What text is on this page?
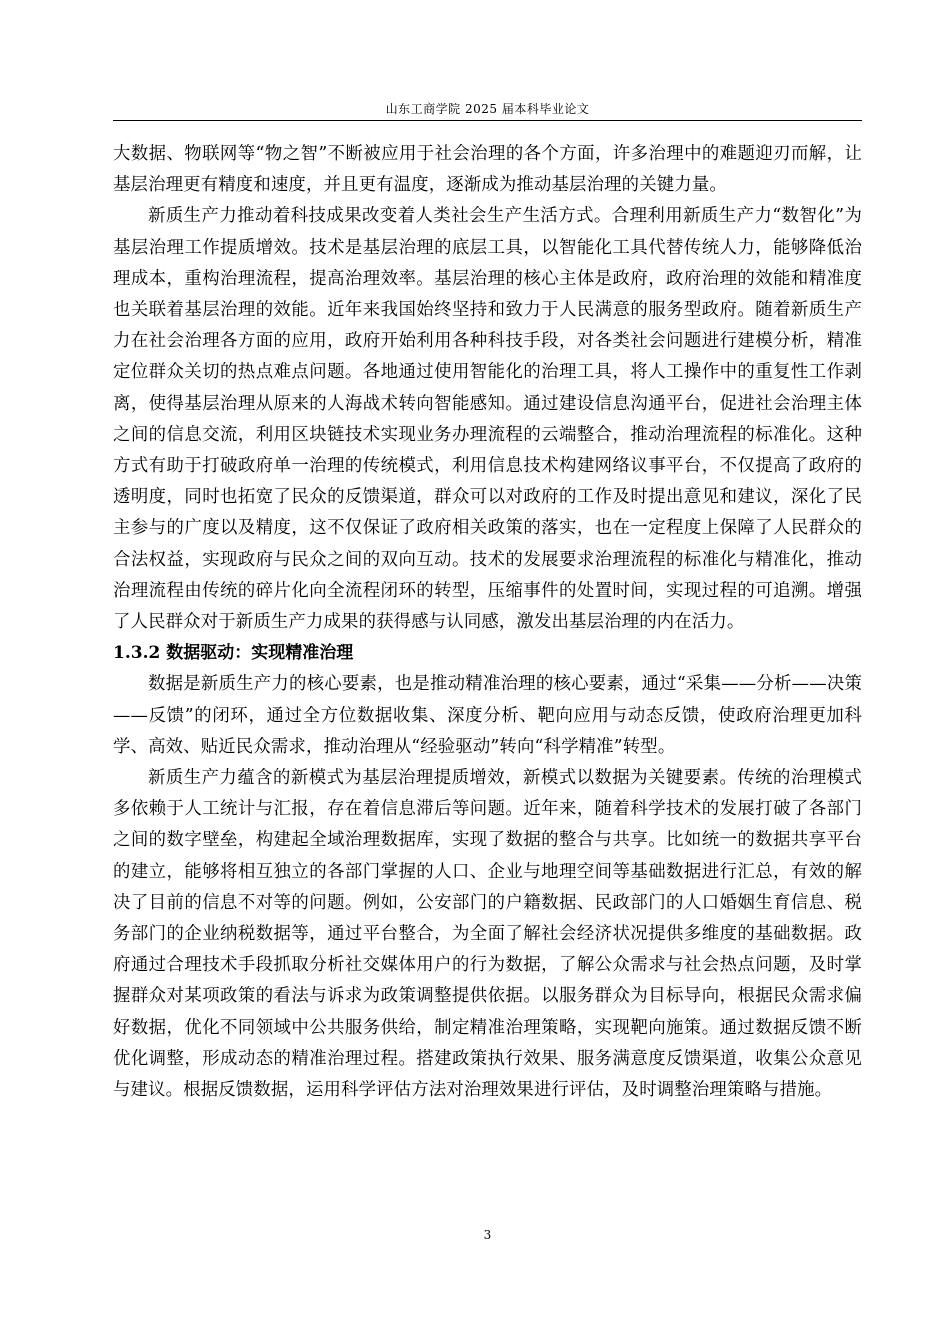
山东工商学院 2025 届本科毕业论文

大数据、物联网等“物之智”不断被应用于社会治理的各个方面，许多治理中的难题迎刃而解，让基层治理更有精度和速度，并且更有温度，逐渐成为推动基层治理的关键力量。

新质生产力推动着科技成果改变着人类社会生产生活方式。合理利用新质生产力“数智化”为基层治理工作提质增效。技术是基层治理的底层工具，以智能化工具代替传统人力，能够降低治理成本，重构治理流程，提高治理效率。基层治理的核心主体是政府，政府治理的效能和精准度也关联着基层治理的效能。近年来我国始终坚持和致力于人民满意的服务型政府。随着新质生产力在社会治理各方面的应用，政府开始利用各种科技手段，对各类社会问题进行建模分析，精准定位群众关切的热点难点问题。各地通过使用智能化的治理工具，将人工操作中的重复性工作剥离，使得基层治理从原来的人海战术转向智能感知。通过建设信息沟通平台，促进社会治理主体之间的信息交流，利用区块链技术实现业务办理流程的云端整合，推动治理流程的标准化。这种方式有助于打破政府单一治理的传统模式，利用信息技术构建网络议事平台，不仅提高了政府的透明度，同时也拓宽了民众的反馈渠道，群众可以对政府的工作及时提出意见和建议，深化了民主参与的广度以及精度，这不仅保证了政府相关政策的落实，也在一定程度上保障了人民群众的合法权益，实现政府与民众之间的双向互动。技术的发展要求治理流程的标准化与精准化，推动治理流程由传统的碎片化向全流程闭环的转型，压缩事件的处置时间，实现过程的可追溯。增强了人民群众对于新质生产力成果的获得感与认同感，激发出基层治理的内在活力。

1.3.2 数据驱动：实现精准治理

数据是新质生产力的核心要素，也是推动精准治理的核心要素，通过“采集——分析——决策——反馈”的闭环，通过全方位数据收集、深度分析、靶向应用与动态反馈，使政府治理更加科学、高效、贴近民众需求，推动治理从“经验驱动”转向“科学精准”转型。

新质生产力蕴含的新模式为基层治理提质增效，新模式以数据为关键要素。传统的治理模式多依赖于人工统计与汇报，存在着信息滞后等问题。近年来，随着科学技术的发展打破了各部门之间的数字壁垒，构建起全域治理数据库，实现了数据的整合与共享。比如统一的数据共享平台的建立，能够将相互独立的各部门掌握的人口、企业与地理空间等基础数据进行汇总，有效的解决了目前的信息不对等的问题。例如，公安部门的户籍数据、民政部门的人口婚姻生育信息、税务部门的企业纳税数据等，通过平台整合，为全面了解社会经济状况提供多维度的基础数据。政府通过合理技术手段抓取分析社交媒体用户的行为数据，了解公众需求与社会热点问题，及时掌握群众对某项政策的看法与诉求为政策调整提供依据。以服务群众为目标导向，根据民众需求偏好数据，优化不同领域中公共服务供给，制定精准治理策略，实现靶向施策。通过数据反馈不断优化调整，形成动态的精准治理过程。搭建政策执行效果、服务满意度反馈渠道，收集公众意见与建议。根据反馈数据，运用科学评估方法对治理效果进行评估，及时调整治理策略与措施。

3
